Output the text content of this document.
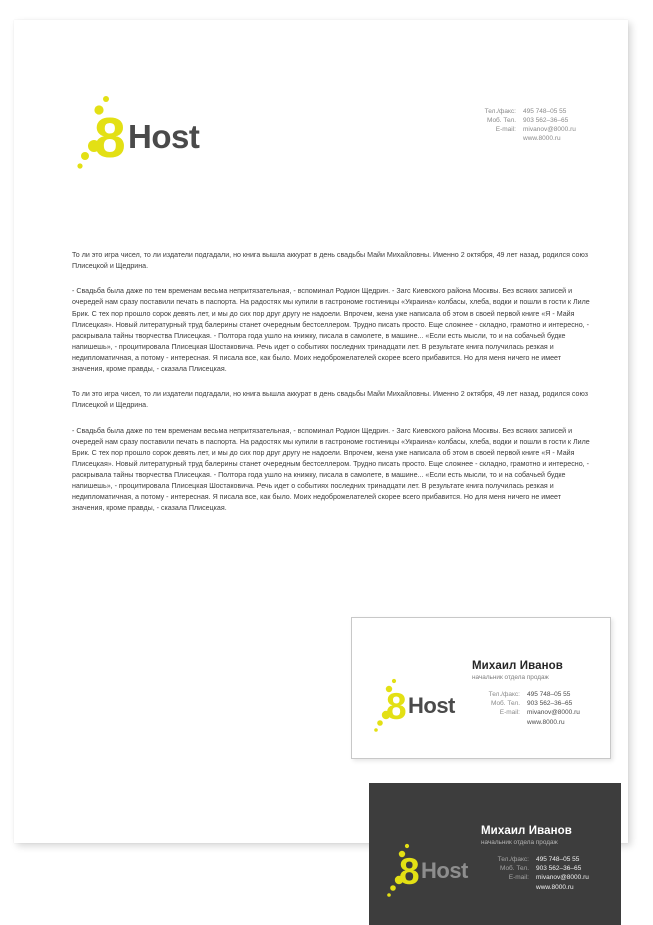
8 Host
Тел./факс:	495 748–05 55
Моб. Тел.	903 562–36–65
E-mail:	mivanov@8000.ru
www.8000.ru

То ли это игра чисел, то ли издатели подгадали, но книга вышла аккурат в день свадьбы Майи Михайловны. Именно 2 октября, 49 лет назад, родился союз Плисецкой и Щедрина.

- Свадьба была даже по тем временам весьма непритязательная, - вспоминал Родион Щедрин. - Загс Киевского района Москвы. Без всяких записей и очередей нам сразу поставили печать в паспорта. На радостях мы купили в гастрономе гостиницы «Украина» колбасы, хлеба, водки и пошли в гости к Лиле Брик. С тех пор прошло сорок девять лет, и мы до сих пор друг другу не надоели. Впрочем, жена уже написала об этом в своей первой книге «Я - Майя Плисецкая». Новый литературный труд балерины станет очередным бестселлером. Трудно писать просто. Еще сложнее - складно, грамотно и интересно, - раскрывала тайны творчества Плисецкая. - Полтора года ушло на книжку, писала в самолете, в машине... «Если есть мысли, то и на собачьей будке напишешь», - процитировала Плисецкая Шостаковича. Речь идет о событиях последних тринадцати лет. В результате книга получилась резкая и недипломатичная, а потому - интересная. Я писала все, как было. Моих недоброжелателей скорее всего прибавится. Но для меня ничего не имеет значения, кроме правды, - сказала Плисецкая.

То ли это игра чисел, то ли издатели подгадали, но книга вышла аккурат в день свадьбы Майи Михайловны. Именно 2 октября, 49 лет назад, родился союз Плисецкой и Щедрина.

- Свадьба была даже по тем временам весьма непритязательная, - вспоминал Родион Щедрин. - Загс Киевского района Москвы. Без всяких записей и очередей нам сразу поставили печать в паспорта. На радостях мы купили в гастрономе гостиницы «Украина» колбасы, хлеба, водки и пошли в гости к Лиле Брик. С тех пор прошло сорок девять лет, и мы до сих пор друг другу не надоели. Впрочем, жена уже написала об этом в своей первой книге «Я - Майя Плисецкая». Новый литературный труд балерины станет очередным бестселлером. Трудно писать просто. Еще сложнее - складно, грамотно и интересно, - раскрывала тайны творчества Плисецкая. - Полтора года ушло на книжку, писала в самолете, в машине... «Если есть мысли, то и на собачьей будке напишешь», - процитировала Плисецкая Шостаковича. Речь идет о событиях последних тринадцати лет. В результате книга получилась резкая и недипломатичная, а потому - интересная. Я писала все, как было. Моих недоброжелателей скорее всего прибавится. Но для меня ничего не имеет значения, кроме правды, - сказала Плисецкая.

8 Host
Михаил Иванов
начальник отдела продаж
Тел./факс:	495 748–05 55
Моб. Тел.	903 562–36–65
E-mail:	mivanov@8000.ru
www.8000.ru
8 Host
Михаил Иванов
начальник отдела продаж
Тел./факс:	495 748–05 55
Моб. Тел.	903 562–36–65
E-mail:	mivanov@8000.ru
www.8000.ru
